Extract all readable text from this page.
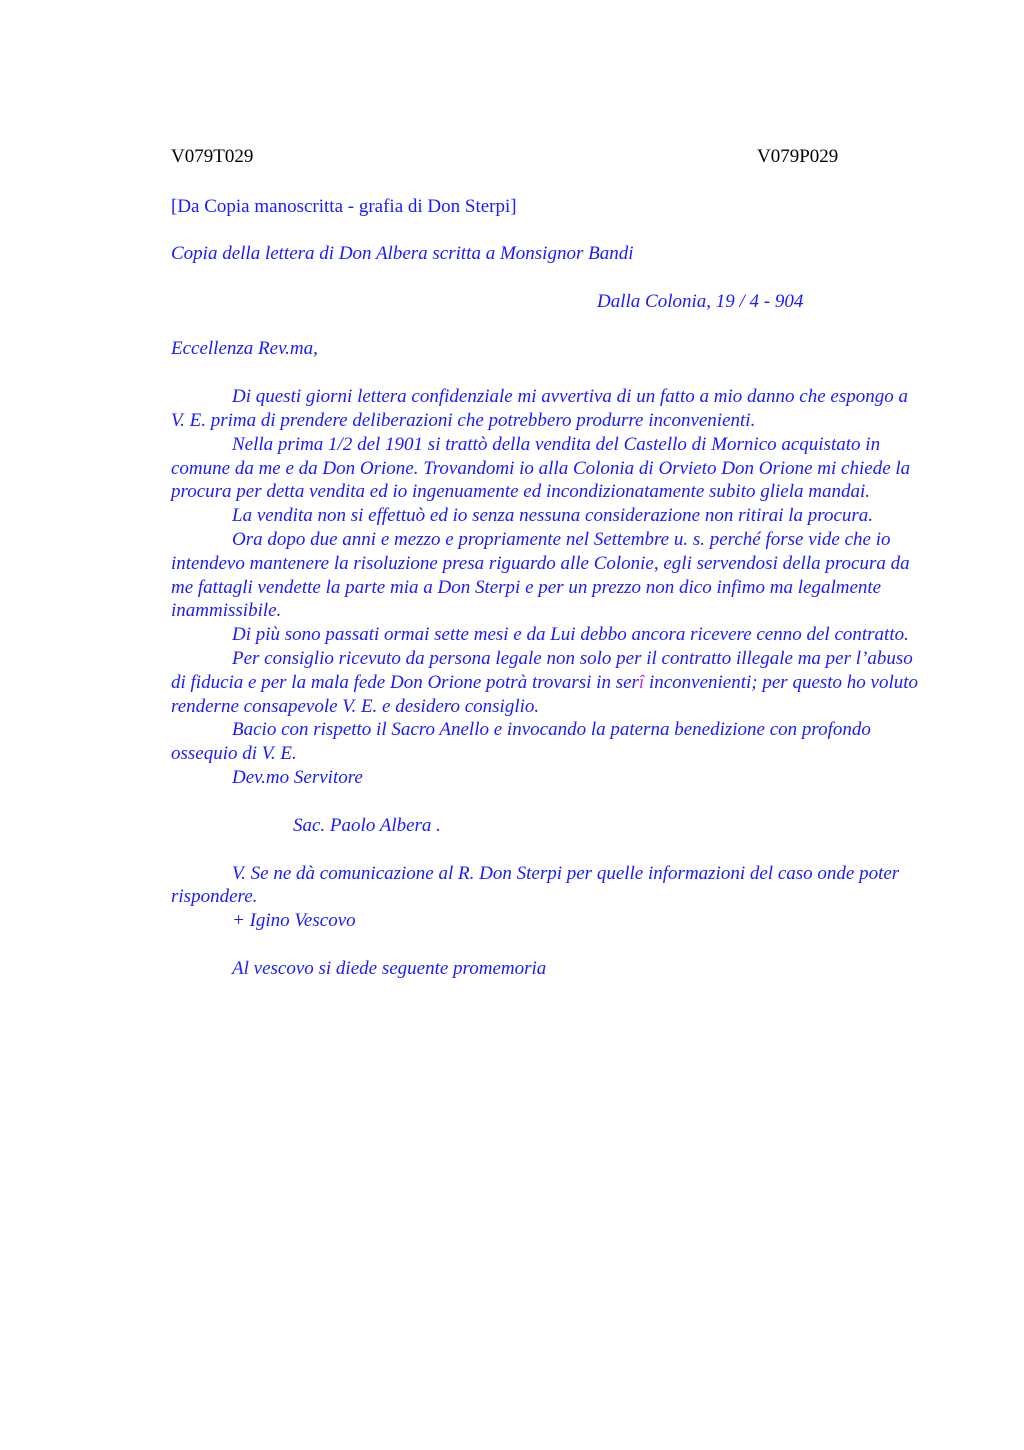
V079T029	V079P029
[Da Copia manoscritta - grafia di Don Sterpi]
Copia della lettera di Don Albera scritta a Monsignor Bandi
Dalla Colonia, 19 / 4 - 904
Eccellenza Rev.ma,

Di questi giorni lettera confidenziale mi avvertiva di un fatto a mio danno che espongo a V. E. prima di prendere deliberazioni che potrebbero produrre inconvenienti.

Nella prima 1/2 del 1901 si trattò della vendita del Castello di Mornico acquistato in comune da me e da Don Orione. Trovandomi io alla Colonia di Orvieto Don Orione mi chiede la procura per detta vendita ed io ingenuamente ed incondizionatamente subito gliela mandai.

La vendita non si effettuò ed io senza nessuna considerazione non ritirai la procura.

Ora dopo due anni e mezzo e propriamente nel Settembre u. s. perché forse vide che io intendevo mantenere la risoluzione presa riguardo alle Colonie, egli servendosi della procura da me fattagli vendette la parte mia a Don Sterpi e per un prezzo non dico infimo ma legalmente inammissibile.

Di più sono passati ormai sette mesi e da Lui debbo ancora ricevere cenno del contratto.

Per consiglio ricevuto da persona legale non solo per il contratto illegale ma per l’abuso di fiducia e per la mala fede Don Orione potrà trovarsi in serî inconvenienti; per questo ho voluto renderne consapevole V. E. e desidero consiglio.

Bacio con rispetto il Sacro Anello e invocando la paterna benedizione con profondo ossequio di V. E.

Dev.mo Servitore
Sac. Paolo Albera .

V. Se ne dà comunicazione al R. Don Sterpi per quelle informazioni del caso onde poter rispondere.

+ Igino Vescovo
Al vescovo si diede seguente promemoria
